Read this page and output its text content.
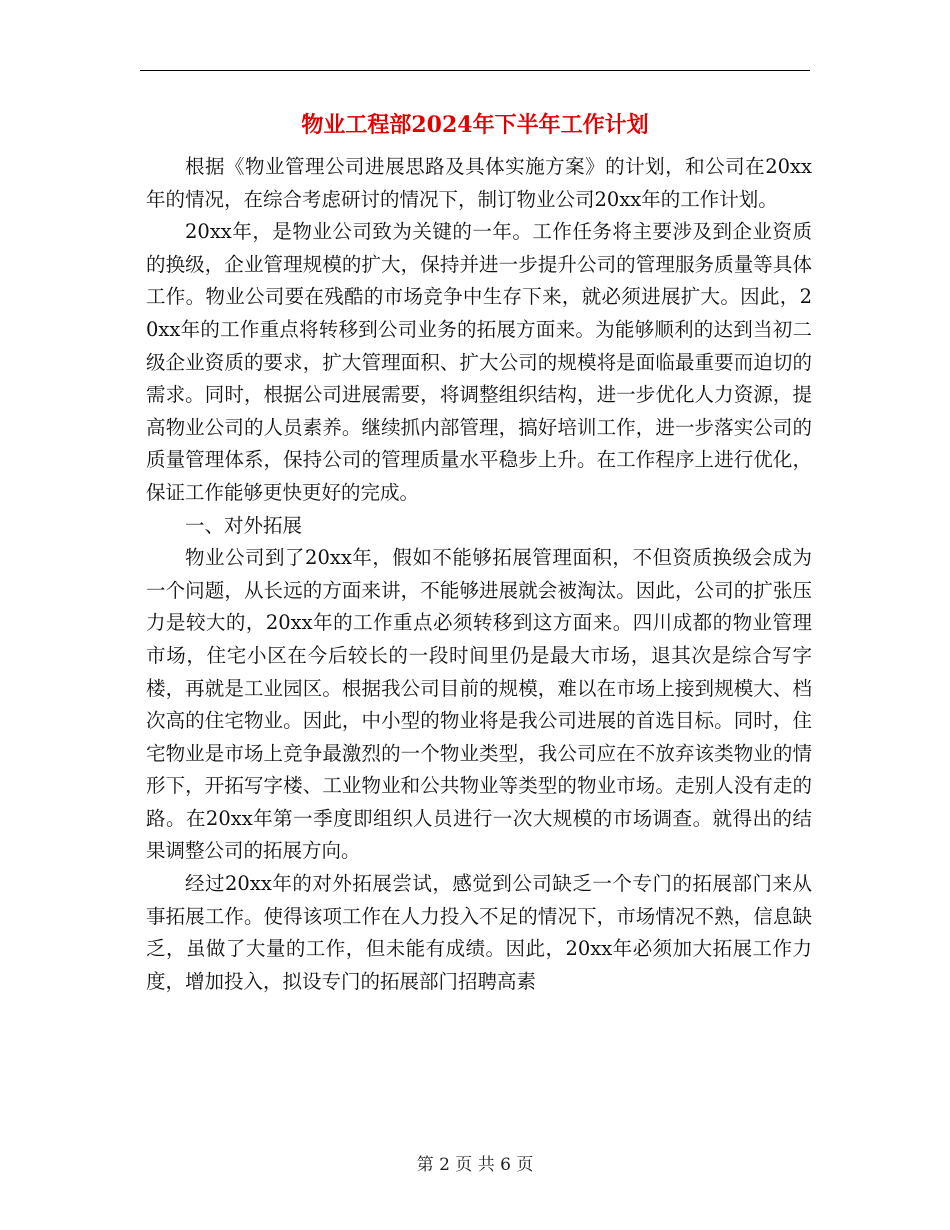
物业工程部2024年下半年工作计划

根据《物业管理公司进展思路及具体实施方案》的计划，和公司在20xx年的情况，在综合考虑研讨的情况下，制订物业公司20xx年的工作计划。

20xx年，是物业公司致为关键的一年。工作任务将主要涉及到企业资质的换级，企业管理规模的扩大，保持并进一步提升公司的管理服务质量等具体工作。物业公司要在残酷的市场竞争中生存下来，就必须进展扩大。因此，20xx年的工作重点将转移到公司业务的拓展方面来。为能够顺利的达到当初二级企业资质的要求，扩大管理面积、扩大公司的规模将是面临最重要而迫切的需求。同时，根据公司进展需要，将调整组织结构，进一步优化人力资源，提高物业公司的人员素养。继续抓内部管理，搞好培训工作，进一步落实公司的质量管理体系，保持公司的管理质量水平稳步上升。在工作程序上进行优化，保证工作能够更快更好的完成。

一、对外拓展

物业公司到了20xx年，假如不能够拓展管理面积，不但资质换级会成为一个问题，从长远的方面来讲，不能够进展就会被淘汰。因此，公司的扩张压力是较大的，20xx年的工作重点必须转移到这方面来。四川成都的物业管理市场，住宅小区在今后较长的一段时间里仍是最大市场，退其次是综合写字楼，再就是工业园区。根据我公司目前的规模，难以在市场上接到规模大、档次高的住宅物业。因此，中小型的物业将是我公司进展的首选目标。同时，住宅物业是市场上竞争最激烈的一个物业类型，我公司应在不放弃该类物业的情形下，开拓写字楼、工业物业和公共物业等类型的物业市场。走别人没有走的路。在20xx年第一季度即组织人员进行一次大规模的市场调查。就得出的结果调整公司的拓展方向。

经过20xx年的对外拓展尝试，感觉到公司缺乏一个专门的拓展部门来从事拓展工作。使得该项工作在人力投入不足的情况下，市场情况不熟，信息缺乏，虽做了大量的工作，但未能有成绩。因此，20xx年必须加大拓展工作力度，增加投入，拟设专门的拓展部门招聘高素

第 2 页 共 6 页
